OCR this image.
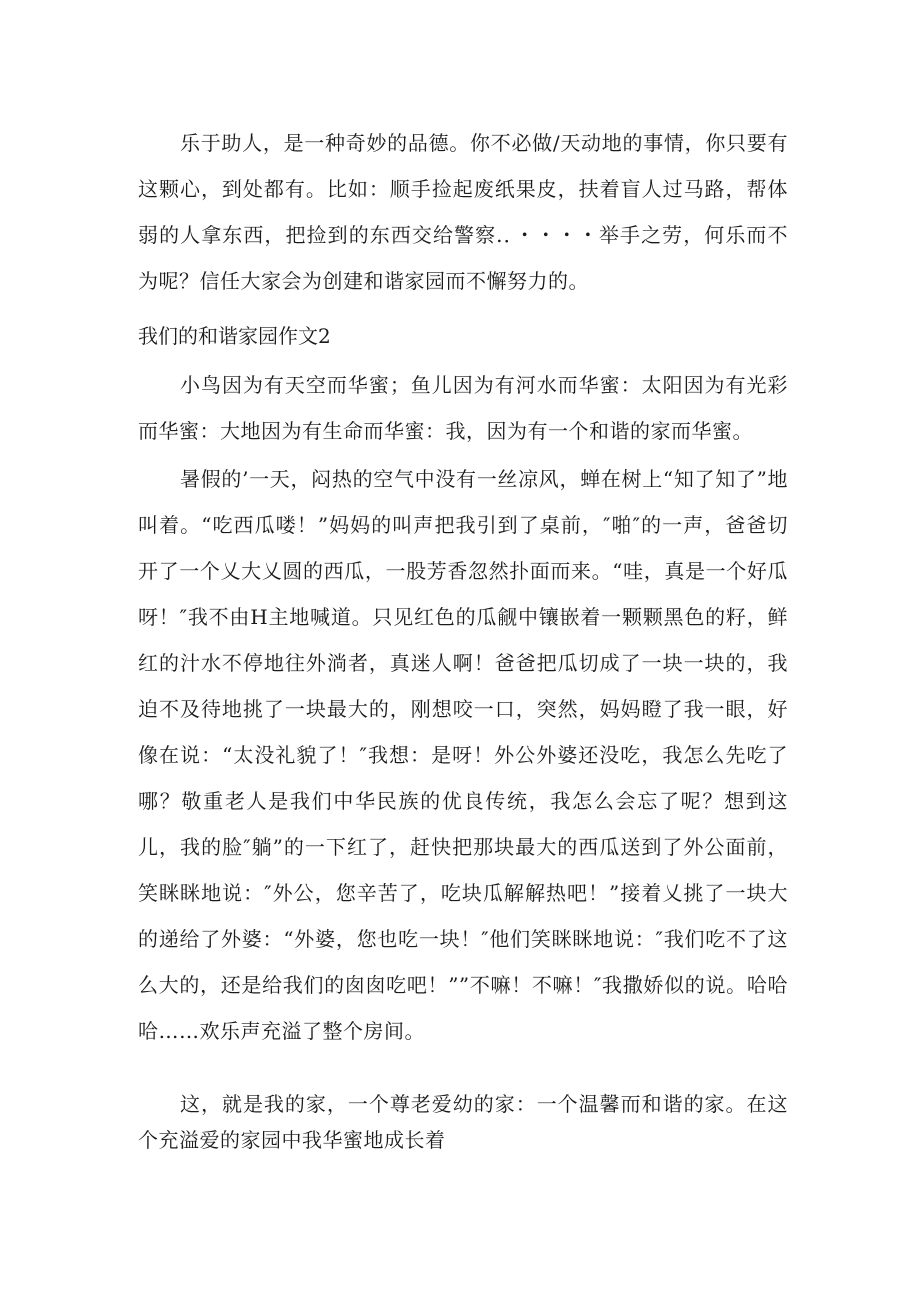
乐于助人，是一种奇妙的品德。你不必做/天动地的事情，你只要有这颗心，到处都有。比如：顺手捡起废纸果皮，扶着盲人过马路，帮体弱的人拿东西，把捡到的东西交给警察.．・・・・举手之劳，何乐而不为呢？信任大家会为创建和谐家园而不懈努力的。

我们的和谐家园作文2

小鸟因为有天空而华蜜；鱼儿因为有河水而华蜜：太阳因为有光彩而华蜜：大地因为有生命而华蜜：我，因为有一个和谐的家而华蜜。

暑假的’一天，闷热的空气中没有一丝凉风，蝉在树上“知了知了”地叫着。“吃西瓜喽！”妈妈的叫声把我引到了桌前，″啪″的一声，爸爸切开了一个乂大乂圆的西瓜，一股芳香忽然扑面而来。“哇，真是一个好瓜呀！″我不由H主地喊道。只见红色的瓜觎中镶嵌着一颗颗黑色的籽，鲜红的汁水不停地往外淌者，真迷人啊！爸爸把瓜切成了一块一块的，我迫不及待地挑了一块最大的，刚想咬一口，突然，妈妈瞪了我一眼，好像在说：“太没礼貌了！″我想：是呀！外公外婆还没吃，我怎么先吃了哪？敬重老人是我们中华民族的优良传统，我怎么会忘了呢？想到这儿，我的脸″躺”的一下红了，赶快把那块最大的西瓜送到了外公面前，笑眯眯地说：″外公，您辛苦了，吃块瓜解解热吧！”接着乂挑了一块大的递给了外婆：“外婆，您也吃一块！″他们笑眯眯地说：″我们吃不了这么大的，还是给我们的囱囱吃吧！””不嘛！不嘛！″我撒娇似的说。哈哈哈……欢乐声充溢了整个房间。

这，就是我的家，一个尊老爱幼的家：一个温馨而和谐的家。在这个充溢爱的家园中我华蜜地成长着
